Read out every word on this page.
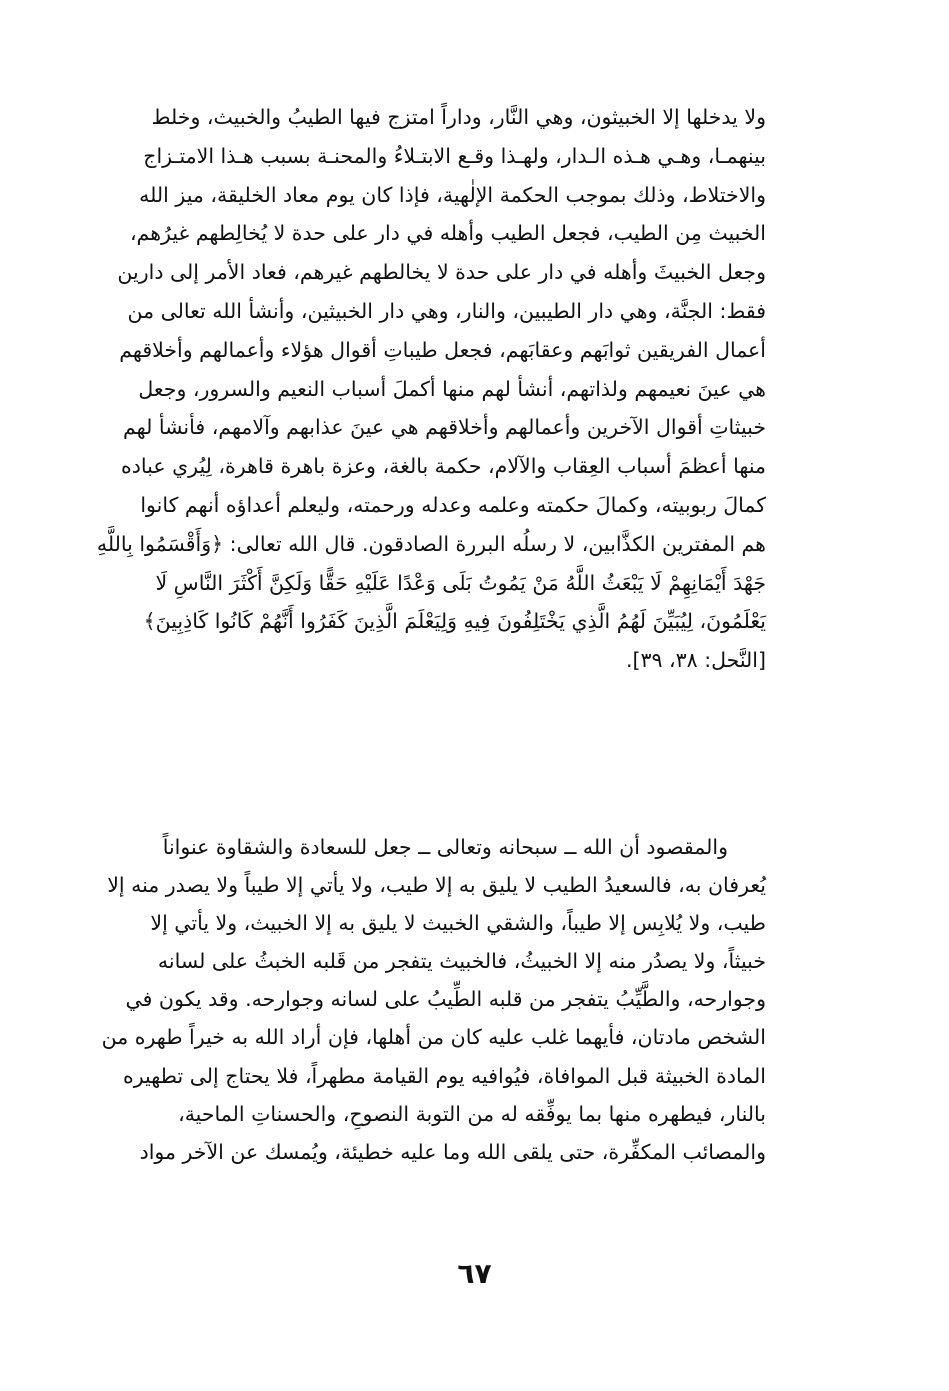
ولا يدخلها إلا الخبيثون، وهي النَّار، وداراً امتزج فيها الطيبُ والخبيث، وخلط
بينهمـا، وهـي هـذه الـدار، ولهـذا وقـع الابتـلاءُ والمحنـة بسبب هـذا الامتـزاج
والاختلاط، وذلك بموجب الحكمة الإلٰهية، فإذا كان يوم معاد الخليقة، ميز الله
الخبيث مِن الطيب، فجعل الطيب وأهله في دار على حدة لا يُخالِطهم غيرُهم،
وجعل الخبيثَ وأهله في دار على حدة لا يخالطهم غيرهم، فعاد الأمر إلى دارين
فقط: الجنَّة، وهي دار الطيبين، والنار، وهي دار الخبيثين، وأنشأ الله تعالى من
أعمال الفريقين ثوابَهم وعقابَهم، فجعل طيباتِ أقوال هؤلاء وأعمالهم وأخلاقهم
هي عينَ نعيمهم ولذاتهم، أنشأ لهم منها أكملَ أسباب النعيم والسرور، وجعل
خبيثاتِ أقوال الآخرين وأعمالهم وأخلاقهم هي عينَ عذابهم وآلامهم، فأنشأ لهم
منها أعظمَ أسباب العِقاب والآلام، حكمة بالغة، وعزة باهرة قاهرة، لِيُري عباده
كمالَ ربوبيته، وكمالَ حكمته وعلمه وعدله ورحمته، وليعلم أعداؤه أنهم كانوا
هم المفترين الكذَّابين، لا رسلُه البررة الصادقون. قال الله تعالى: ﴿وَأَقْسَمُوا بِاللَّهِ
جَهْدَ أَيْمَانِهِمْ لَا يَبْعَثُ اللَّهُ مَنْ يَمُوتُ بَلَى وَعْدًا عَلَيْهِ حَقًّا وَلَكِنَّ أَكْثَرَ النَّاسِ لَا
يَعْلَمُونَ، لِيُبَيِّنَ لَهُمُ الَّذِي يَخْتَلِفُونَ فِيهِ وَلِيَعْلَمَ الَّذِينَ كَفَرُوا أَنَّهُمْ كَانُوا كَاذِبِينَ﴾
[النَّحل: ٣٨، ٣٩].
والمقصود أن الله ــ سبحانه وتعالى ــ جعل للسعادة والشقاوة عنواناً
يُعرفان به، فالسعيدُ الطيب لا يليق به إلا طيب، ولا يأتي إلا طيباً ولا يصدر منه إلا
طيب، ولا يُلابِس إلا طيباً، والشقي الخبيث لا يليق به إلا الخبيث، ولا يأتي إلا
خبيثاً، ولا يصدُر منه إلا الخبيثُ، فالخبيث يتفجر من قَلبه الخبثُ على لسانه
وجوارحه، والطَّيِّبُ يتفجر من قلبه الطِّيبُ على لسانه وجوارحه. وقد يكون في
الشخص مادتان، فأيهما غلب عليه كان من أهلها، فإن أراد الله به خيراً طهره من
المادة الخبيثة قبل الموافاة، فيُوافيه يوم القيامة مطهراً، فلا يحتاج إلى تطهيره
بالنار، فيطهره منها بما يوفِّقه له من التوبة النصوحِ، والحسناتِ الماحية،
والمصائب المكفِّرة، حتى يلقى الله وما عليه خطيئة، ويُمسك عن الآخر مواد
٦٧
